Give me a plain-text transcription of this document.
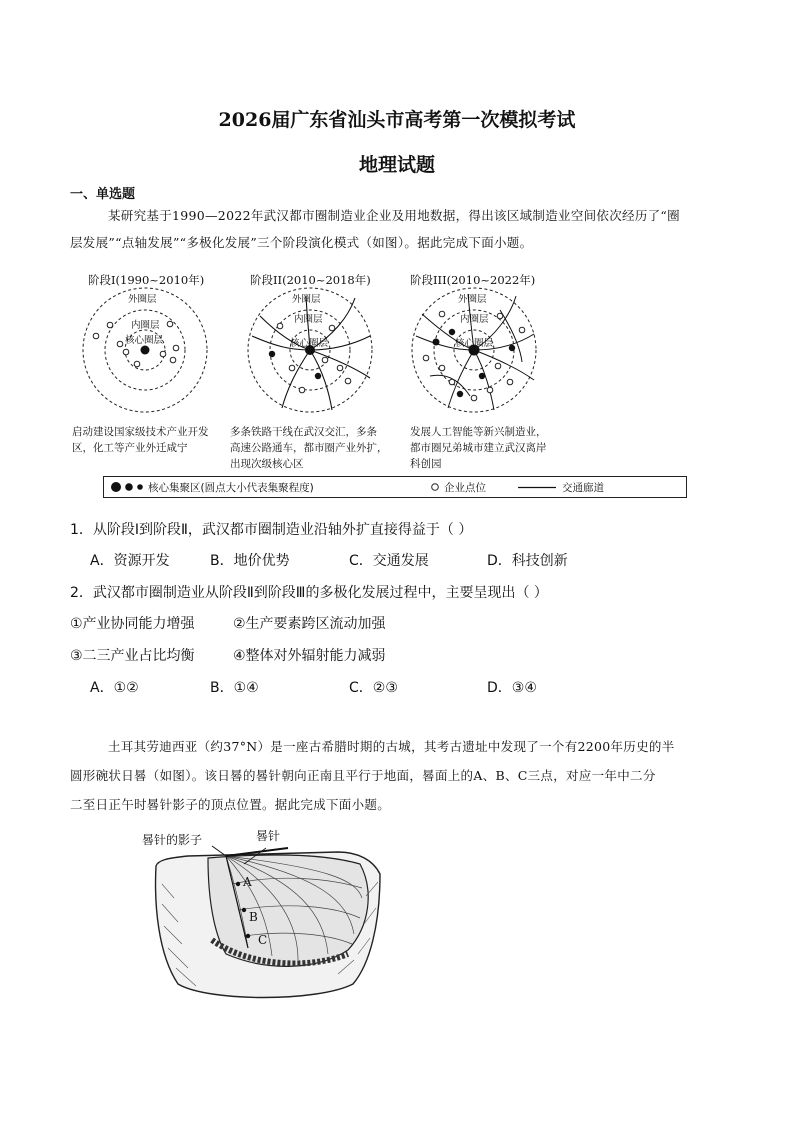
2026届广东省汕头市高考第一次模拟考试
地理试题
一、单选题
某研究基于1990—2022年武汉都市圈制造业企业及用地数据，得出该区域制造业空间依次经历了“圈
层发展”“点轴发展”“多极化发展”三个阶段演化模式（如图）。据此完成下面小题。
阶段I(1990~2010年)	阶段II(2010~2018年)	阶段III(2010~2022年)
外圈层
内圈层
核心圈层
外圈层
内圈层
核心圈层
外圈层
内圈层
核心圈层
启动建设国家级技术产业开发
区，化工等产业外迁咸宁
多条铁路干线在武汉交汇，多条
高速公路通车，都市圈产业外扩，
出现次级核心区
发展人工智能等新兴制造业，
都市圈兄弟城市建立武汉离岸
科创园
核心集聚区(圆点大小代表集聚程度)	企业点位	交通廊道
1．从阶段Ⅰ到阶段Ⅱ，武汉都市圈制造业沿轴外扩直接得益于（ ）
A．资源开发	B．地价优势	C．交通发展	D．科技创新
2．武汉都市圈制造业从阶段Ⅱ到阶段Ⅲ的多极化发展过程中，主要呈现出（ ）
①产业协同能力增强	②生产要素跨区流动加强
③二三产业占比均衡	④整体对外辐射能力减弱
A．①②	B．①④	C．②③	D．③④
土耳其劳迪西亚（约37°N）是一座古希腊时期的古城，其考古遗址中发现了一个有2200年历史的半
圆形碗状日晷（如图）。该日晷的晷针朝向正南且平行于地面，晷面上的A、B、C三点，对应一年中二分
二至日正午时晷针影子的顶点位置。据此完成下面小题。
晷针的影子	晷针
A
B
C
